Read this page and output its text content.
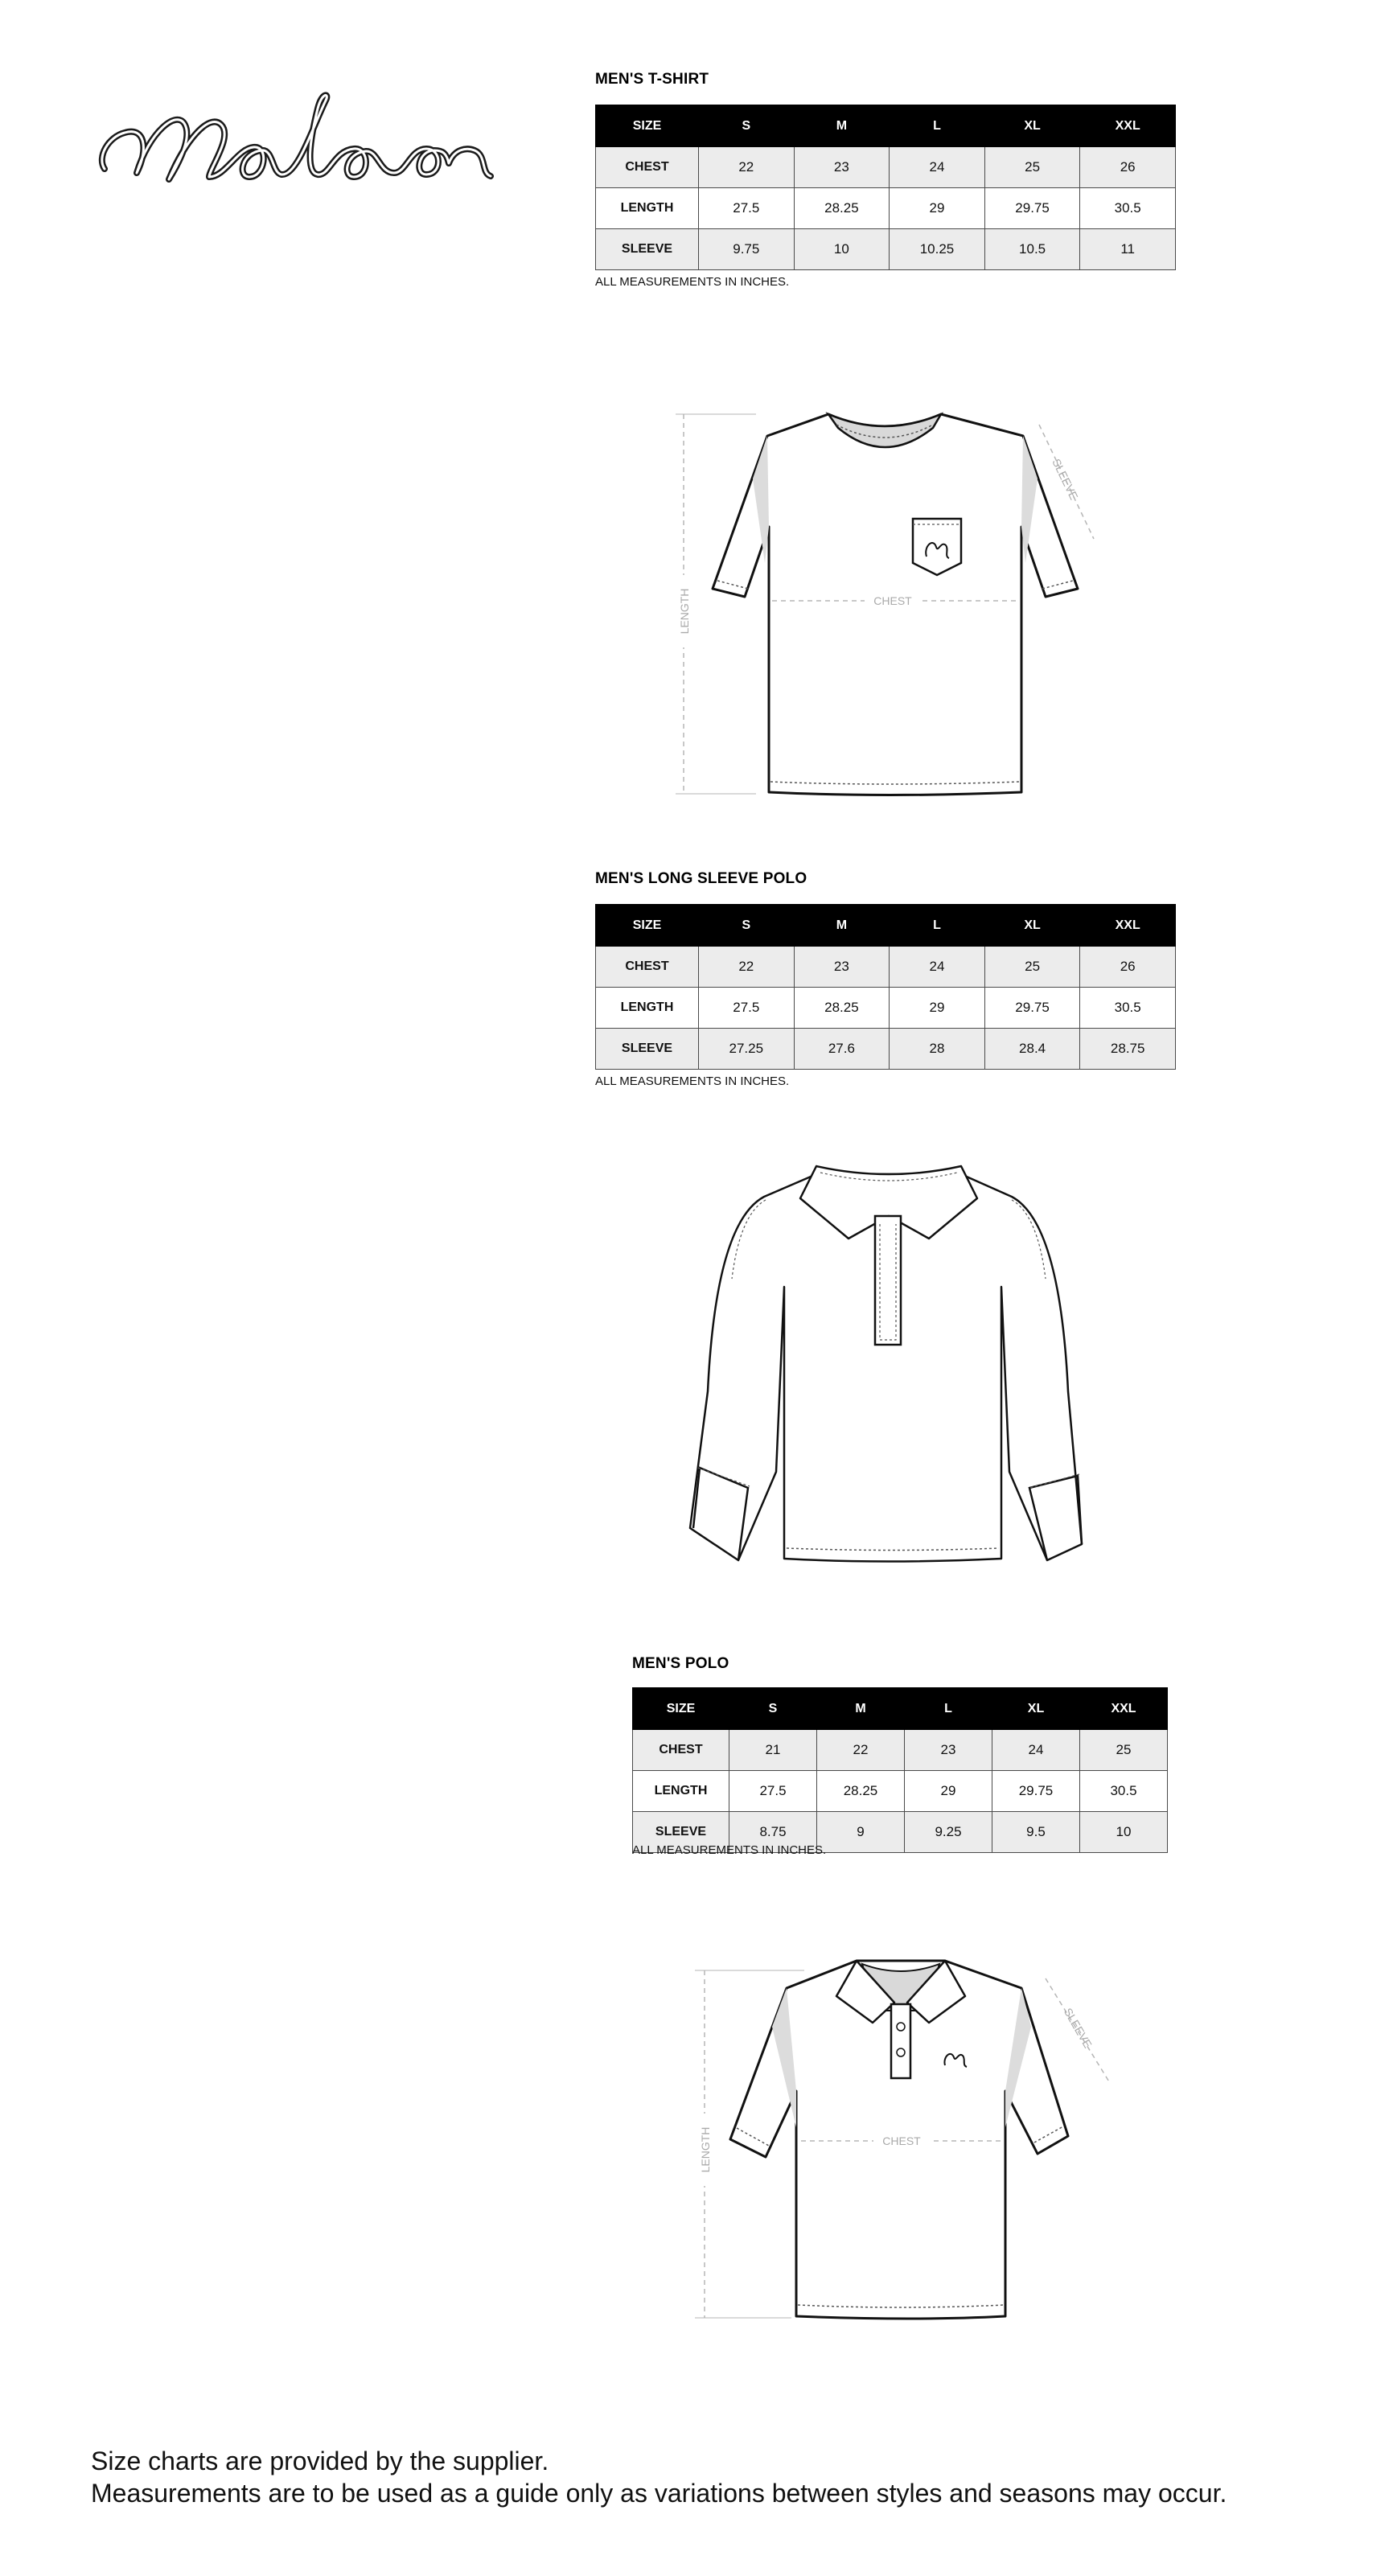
MEN'S T-SHIRT
SIZE	S	M	L	XL	XXL
CHEST	22	23	24	25	26
LENGTH	27.5	28.25	29	29.75	30.5
SLEEVE	9.75	10	10.25	10.5	11
ALL MEASUREMENTS IN INCHES.
CHEST
LENGTH
SLEEVE
MEN'S LONG SLEEVE POLO
SIZE	S	M	L	XL	XXL
CHEST	22	23	24	25	26
LENGTH	27.5	28.25	29	29.75	30.5
SLEEVE	27.25	27.6	28	28.4	28.75
ALL MEASUREMENTS IN INCHES.
MEN'S POLO
SIZE	S	M	L	XL	XXL
CHEST	21	22	23	24	25
LENGTH	27.5	28.25	29	29.75	30.5
SLEEVE	8.75	9	9.25	9.5	10
ALL MEASUREMENTS IN INCHES.
CHEST
LENGTH
SLEEVE
Size charts are provided by the supplier.
Measurements are to be used as a guide only as variations between styles and seasons may occur.
